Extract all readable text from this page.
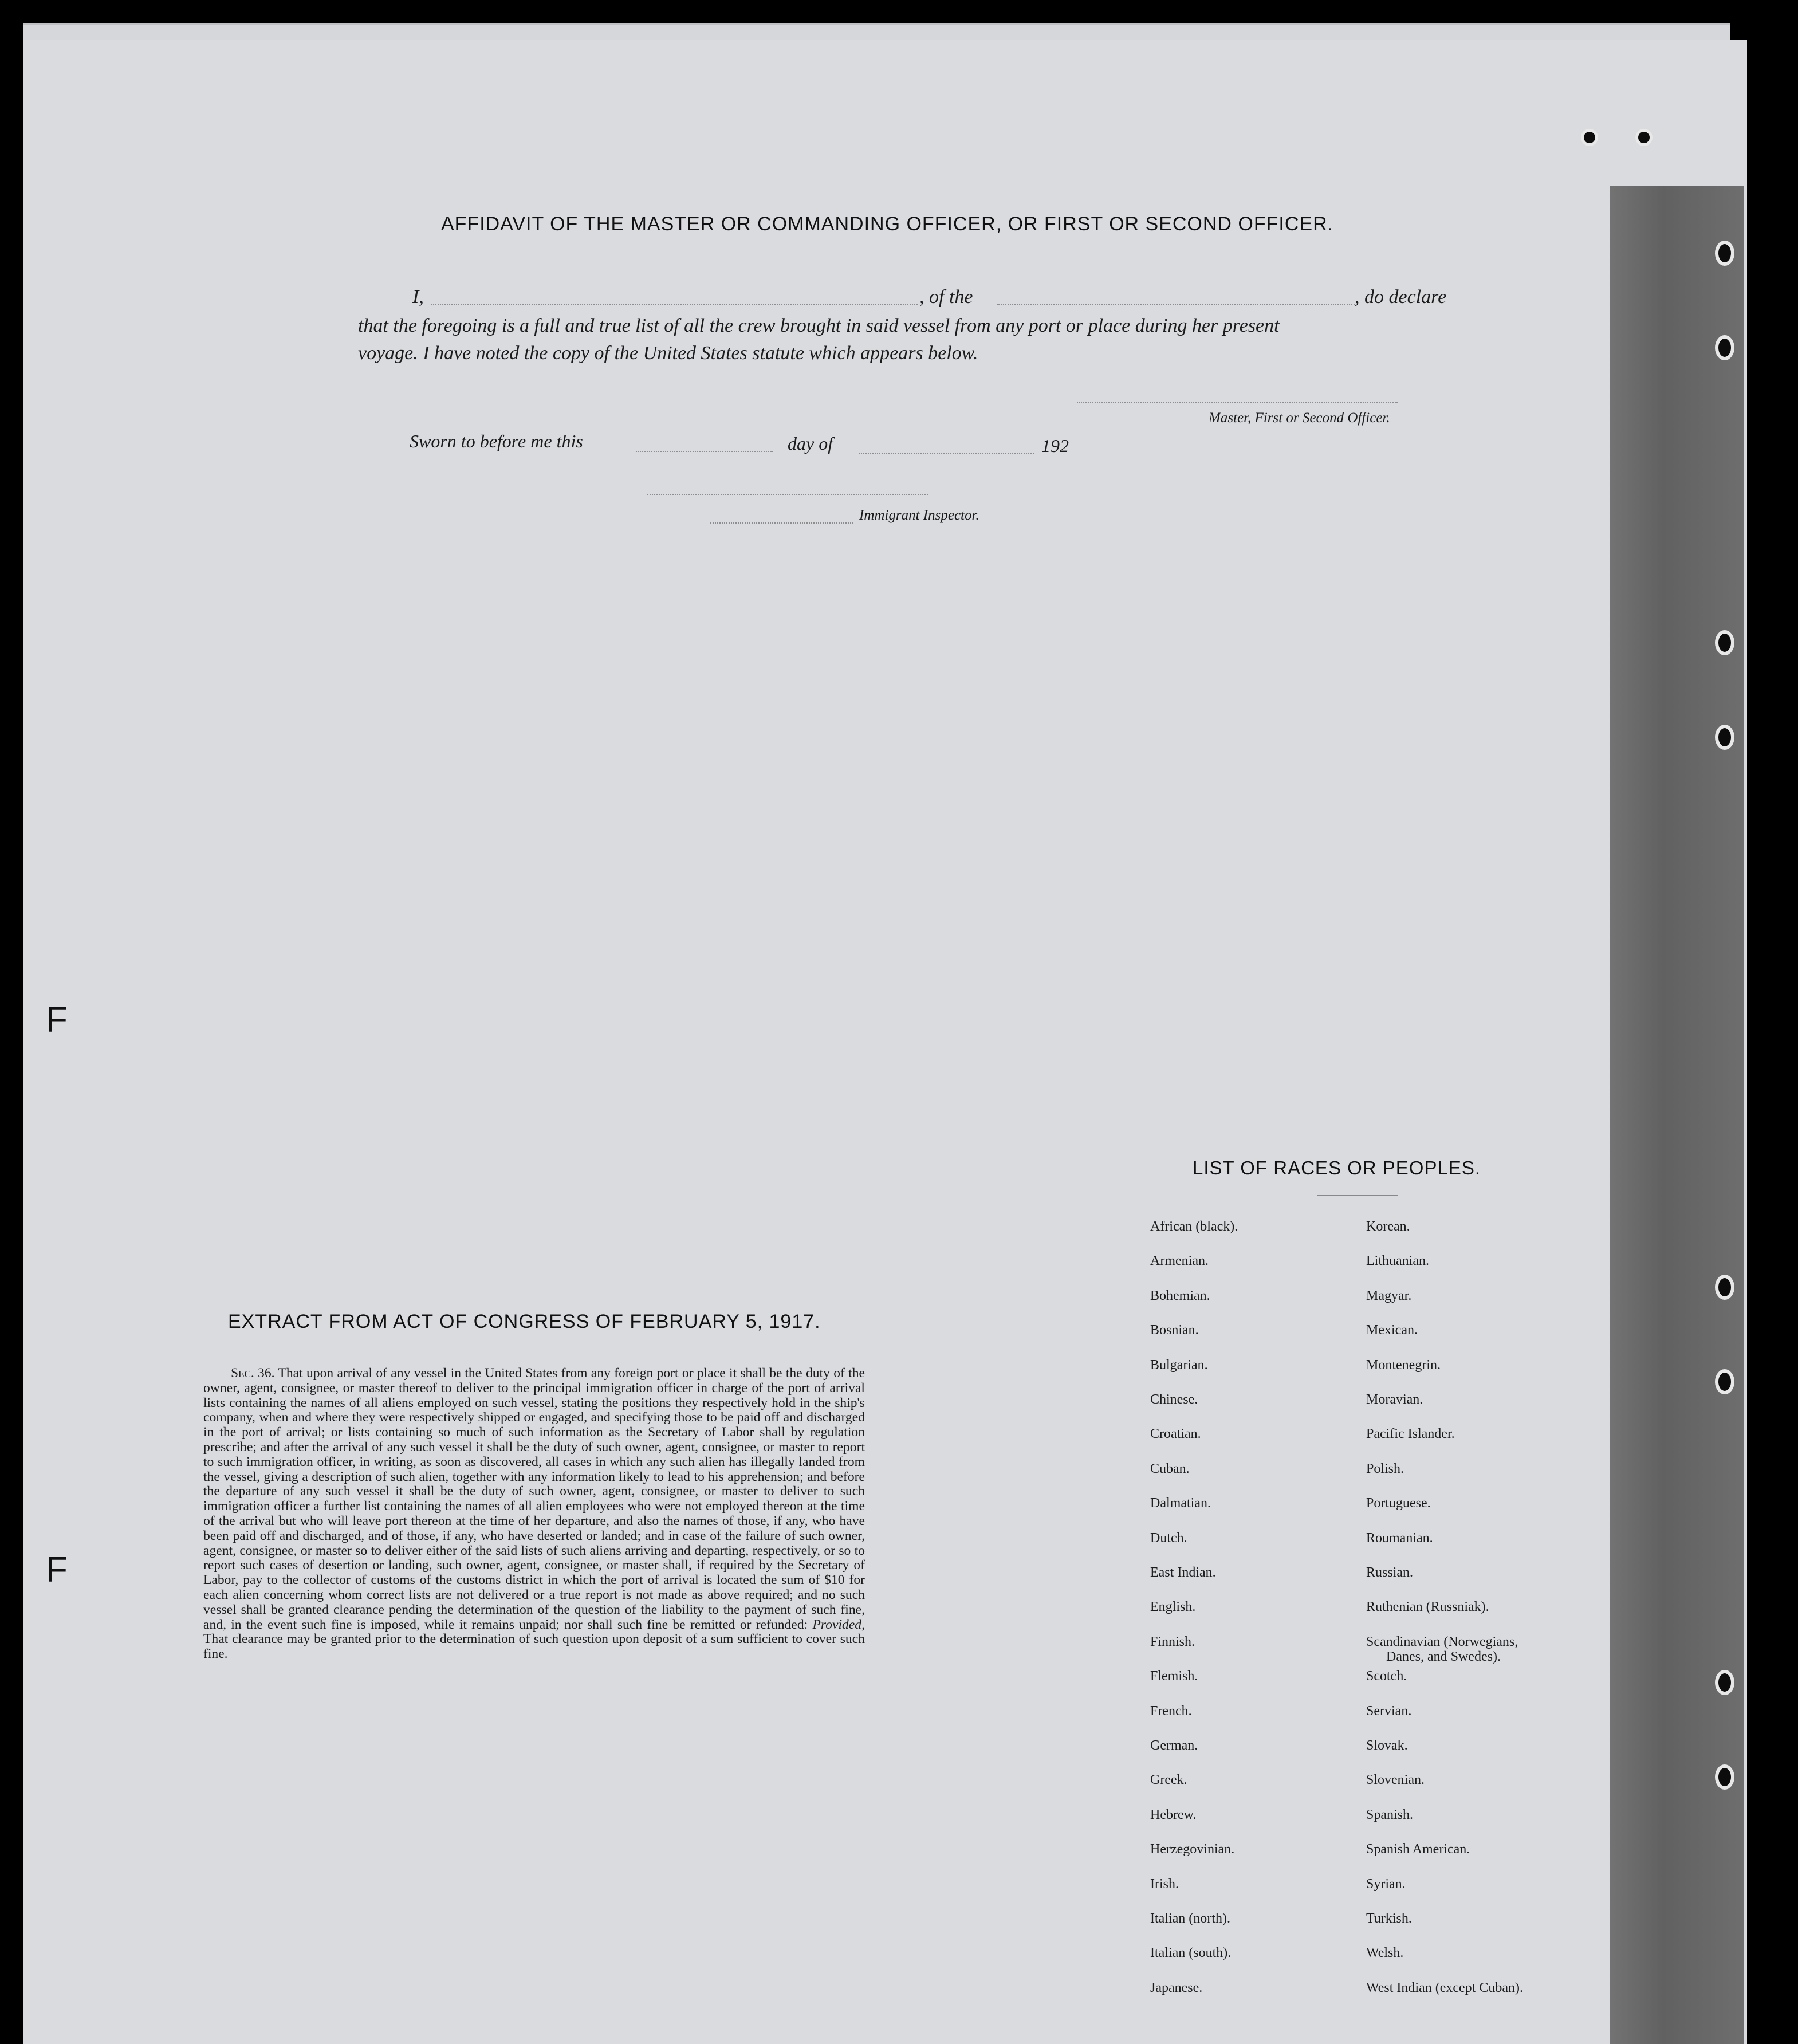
F
F
AFFIDAVIT OF THE MASTER OR COMMANDING OFFICER, OR FIRST OR SECOND OFFICER.
I,	, of the	, do declare
that the foregoing is a full and true list of all the crew brought in said vessel from any port or place during her present
voyage. I have noted the copy of the United States statute which appears below.
Master, First or Second Officer.
Sworn to before me this	day of	192
Immigrant Inspector.
EXTRACT FROM ACT OF CONGRESS OF FEBRUARY 5, 1917.
Sec. 36. That upon arrival of any vessel in the United States from any foreign port or place it shall be the duty of the owner, agent, consignee, or master thereof to deliver to the principal immigration officer in charge of the port of arrival lists containing the names of all aliens employed on such vessel, stating the positions they respectively hold in the ship's company, when and where they were respectively shipped or engaged, and specifying those to be paid off and discharged in the port of arrival; or lists containing so much of such information as the Secretary of Labor shall by regulation prescribe; and after the arrival of any such vessel it shall be the duty of such owner, agent, consignee, or master to report to such immigration officer, in writing, as soon as discovered, all cases in which any such alien has illegally landed from the vessel, giving a description of such alien, together with any information likely to lead to his apprehension; and before the departure of any such vessel it shall be the duty of such owner, agent, consignee, or master to deliver to such immigration officer a further list containing the names of all alien employees who were not employed thereon at the time of the arrival but who will leave port thereon at the time of her departure, and also the names of those, if any, who have been paid off and discharged, and of those, if any, who have deserted or landed; and in case of the failure of such owner, agent, consignee, or master so to deliver either of the said lists of such aliens arriving and departing, respectively, or so to report such cases of desertion or landing, such owner, agent, consignee, or master shall, if required by the Secretary of Labor, pay to the collector of customs of the customs district in which the port of arrival is located the sum of $10 for each alien concerning whom correct lists are not delivered or a true report is not made as above required; and no such vessel shall be granted clearance pending the determination of the question of the liability to the payment of such fine, and, in the event such fine is imposed, while it remains unpaid; nor shall such fine be remitted or refunded: Provided, That clearance may be granted prior to the determination of such question upon deposit of a sum sufficient to cover such fine.
LIST OF RACES OR PEOPLES.
African (black).
Armenian.
Bohemian.
Bosnian.
Bulgarian.
Chinese.
Croatian.
Cuban.
Dalmatian.
Dutch.
East Indian.
English.
Finnish.
Flemish.
French.
German.
Greek.
Hebrew.
Herzegovinian.
Irish.
Italian (north).
Italian (south).
Japanese.
Korean.
Lithuanian.
Magyar.
Mexican.
Montenegrin.
Moravian.
Pacific Islander.
Polish.
Portuguese.
Roumanian.
Russian.
Ruthenian (Russniak).
Scandinavian (Norwegians,
Danes, and Swedes).
Scotch.
Servian.
Slovak.
Slovenian.
Spanish.
Spanish American.
Syrian.
Turkish.
Welsh.
West Indian (except Cuban).
